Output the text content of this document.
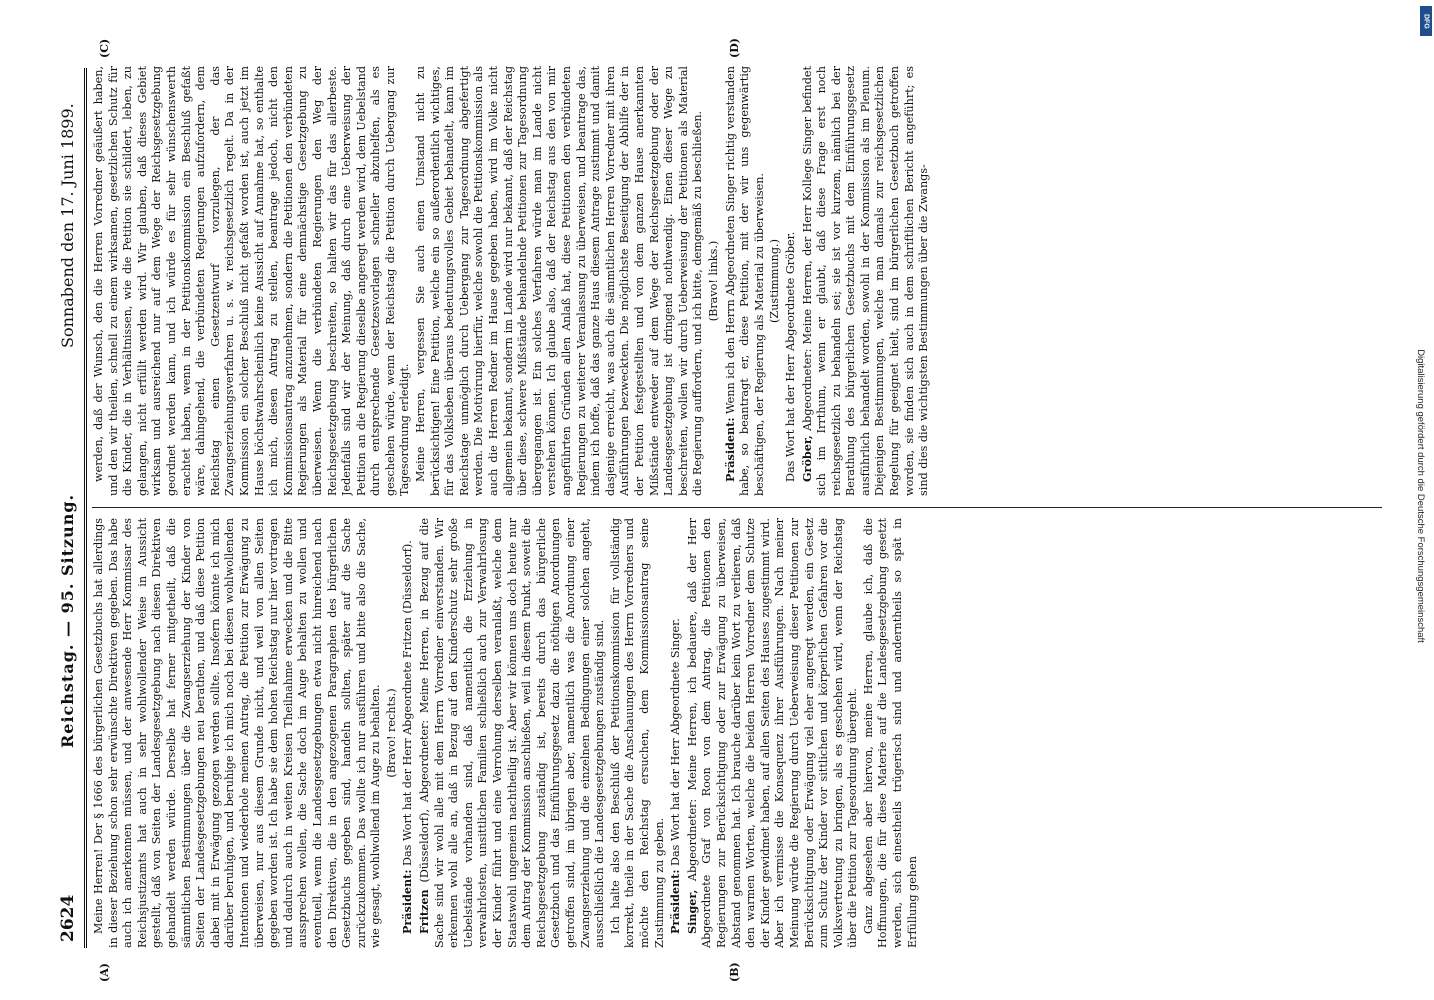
2624
Reichstag. — 95. Sitzung.
Sonnabend den 17. Juni 1899.

Meine Herren! Der § 1666 des bürgerlichen Gesetzbuchs hat allerdings in dieser Beziehung schon sehr erwünschte Direktiven gegeben. Das habe auch ich anerkennen müssen, und der anwesende Herr Kommissar des Reichsjustizamts hat auch in sehr wohlwollender Weise in Aussicht gestellt, daß von Seiten der Landesgesetzgebung nach diesen Direktiven gehandelt werden würde. Derselbe hat ferner mitgetheilt, daß die sämmtlichen Bestimmungen über die Zwangserziehung der Kinder von Seiten der Landesgesetzgebungen neu berathen, und daß diese Petition dabei mit in Erwägung gezogen werden sollte. Insofern könnte ich mich darüber beruhigen, und beruhige ich mich noch bei diesen wohlwollenden Intentionen und wiederhole meinen Antrag, die Petition zur Erwägung zu überweisen, nur aus diesem Grunde nicht, und weil von allen Seiten gegeben worden ist. Ich habe sie dem hohen Reichstag nur hier vortragen und dadurch auch in weiten Kreisen Theilnahme erwecken und die Bitte aussprechen wollen, die Sache doch im Auge behalten zu wollen und eventuell, wenn die Landesgesetzgebungen etwa nicht hinreichend nach den Direktiven, die in den angezogenen Paragraphen des bürgerlichen Gesetzbuchs gegeben sind, handeln sollten, später auf die Sache zurückzukommen. Das wollte ich nur ausführen und bitte also die Sache, wie gesagt, wohlwollend im Auge zu behalten. (Bravo! rechts.)

Präsident: Das Wort hat der Herr Abgeordnete Fritzen (Düsseldorf).

Fritzen (Düsseldorf), Abgeordneter: Meine Herren, in Bezug auf die Sache sind wir wohl alle mit dem Herrn Vorredner einverstanden. Wir erkennen wohl alle an, daß in Bezug auf den Kinderschutz sehr große Uebelstände vorhanden sind, daß namentlich die Erziehung in verwahrlosten, unsittlichen Familien schließlich auch zur Verwahrlosung der Kinder führt und eine Verrohung derselben veranlaßt, welche dem Staatswohl ungemein nachtheilig ist. Aber wir können uns doch heute nur dem Antrag der Kommission anschließen, weil in diesem Punkt, soweit die Reichsgesetzgebung zuständig ist, bereits durch das bürgerliche Gesetzbuch und das Einführungsgesetz dazu die nöthigen Anordnungen getroffen sind, im übrigen aber, namentlich was die Anordnung einer Zwangserziehung und die einzelnen Bedingungen einer solchen angeht, ausschließlich die Landesgesetzgebungen zuständig sind. Ich halte also den Beschluß der Petitionskommission für vollständig korrekt, theile in der Sache die Anschauungen des Herrn Vorredners und möchte den Reichstag ersuchen, dem Kommissionsantrag seine Zustimmung zu geben. Präsident: Das Wort hat der Herr Abgeordnete Singer.

Singer, Abgeordneter: Meine Herren, ich bedauere, daß der Herr Abgeordnete Graf von Roon von dem Antrag, die Petitionen den Regierungen zur Berücksichtigung oder zur Erwägung zu überweisen, Abstand genommen hat. Ich brauche darüber kein Wort zu verlieren, daß den warmen Worten, welche die beiden Herren Vorredner dem Schutze der Kinder gewidmet haben, auf allen Seiten des Hauses zugestimmt wird. Aber ich vermisse die Konsequenz ihrer Ausführungen. Nach meiner Meinung würde die Regierung durch Ueberweisung dieser Petitionen zur Berücksichtigung oder Erwägung viel eher angeregt werden, ein Gesetz zum Schutz der Kinder vor sittlichen und körperlichen Gefahren vor die Volksvertretung zu bringen, als es geschehen wird, wenn der Reichstag über die Petition zur Tagesordnung übergeht. Ganz abgesehen aber hiervon, meine Herren, glaube ich, daß die Hoffnungen, die für diese Materie auf die Landesgesetzgebung gesetzt werden, sich einestheils trügerisch sind und anderntheils so spät in Erfüllung gehen

werden, daß der Wunsch, den die Herren Vorredner geäußert haben, und den wir theilen, schnell zu einem wirksamen, gesetzlichen Schutz für die Kinder, die in Verhältnissen, wie die Petition sie schildert, leben, zu gelangen, nicht erfüllt werden wird. Wir glauben, daß dieses Gebiet wirksam und ausreichend nur auf dem Wege der Reichsgesetzgebung geordnet werden kann, und ich würde es für sehr wünschenswerth erachtet haben, wenn in der Petitionskommission ein Beschluß gefaßt wäre, dahingehend, die verbündeten Regierungen aufzufordern, dem Reichstag einen Gesetzentwurf vorzulegen, der das Zwangserziehungsverfahren u. s. w. reichsgesetzlich regelt. Da in der Kommission ein solcher Beschluß nicht gefaßt worden ist, auch jetzt im Hause höchstwahrscheinlich keine Aussicht auf Annahme hat, so enthalte ich mich, diesen Antrag zu stellen, beantrage jedoch, nicht den Kommissionsantrag anzunehmen, sondern die Petitionen den verbündeten Regierungen als Material für eine demnächstige Gesetzgebung zu überweisen. Wenn die verbündeten Regierungen den Weg der Reichsgesetzgebung beschreiten, so halten wir das für das allerbeste. Jedenfalls sind wir der Meinung, daß durch eine Ueberweisung der Petition an die Regierung dieselbe angeregt werden wird, dem Uebelstand durch entsprechende Gesetzesvorlagen schneller abzuhelfen, als es geschehen würde, wenn der Reichstag die Petition durch Uebergang zur Tagesordnung erledigt. Meine Herren, vergessen Sie auch einen Umstand nicht zu berücksichtigen! Eine Petition, welche ein so außerordentlich wichtiges, für das Volksleben überaus bedeutungsvolles Gebiet behandelt, kann im Reichstage unmöglich durch Uebergang zur Tagesordnung abgefertigt werden. Die Motivirung hierfür, welche sowohl die Petitionskommission als auch die Herren Redner im Hause gegeben haben, wird im Volke nicht allgemein bekannt, sondern im Lande wird nur bekannt, daß der Reichstag über diese, schwere Mißstände behandelnde Petitionen zur Tagesordnung übergegangen ist. Ein solches Verfahren würde man im Lande nicht verstehen können. Ich glaube also, daß der Reichstag aus den von mir angeführten Gründen allen Anlaß hat, diese Petitionen den verbündeten Regierungen zu weiterer Veranlassung zu überweisen, und beantrage das, indem ich hoffe, daß das ganze Haus diesem Antrage zustimmt und damit dasjenige erreicht, was auch die sämmtlichen Herren Vorredner mit ihren Ausführungen bezweckten. Die möglichste Beseitigung der Abhilfe der in der Petition festgestellten und von dem ganzen Hause anerkannten Mißstände entweder auf dem Wege der Reichsgesetzgebung oder der Landesgesetzgebung ist dringend nothwendig. Einen dieser Wege zu beschreiten, wollen wir durch Ueberweisung der Petitionen als Material die Regierung auffordern, und ich bitte, demgemäß zu beschließen. (Bravo! links.)

Präsident: Wenn ich den Herrn Abgeordneten Singer richtig verstanden habe, so beantragt er, diese Petition, mit der wir uns gegenwärtig beschäftigen, der Regierung als Material zu überweisen. (Zustimmung.) Das Wort hat der Herr Abgeordnete Gröber. Gröber, Abgeordneter: Meine Herren, der Herr Kollege Singer befindet sich im Irrthum, wenn er glaubt, daß diese Frage erst noch reichsgesetzlich zu behandeln sei; sie ist vor kurzem, nämlich bei der Berathung des bürgerlichen Gesetzbuchs mit dem Einführungsgesetz ausführlich behandelt worden, sowohl in der Kommission als im Plenum. Diejenigen Bestimmungen, welche man damals zur reichsgesetzlichen Regelung für geeignet hielt, sind im bürgerlichen Gesetzbuch getroffen worden, sie finden sich auch in dem schriftlichen Bericht angeführt; es sind dies die wichtigsten Bestimmungen über die Zwangs-

(A)	(B)
(C)	(D)
Digitalisierung gefördert durch die Deutsche Forschungsgemeinschaft
DFG
